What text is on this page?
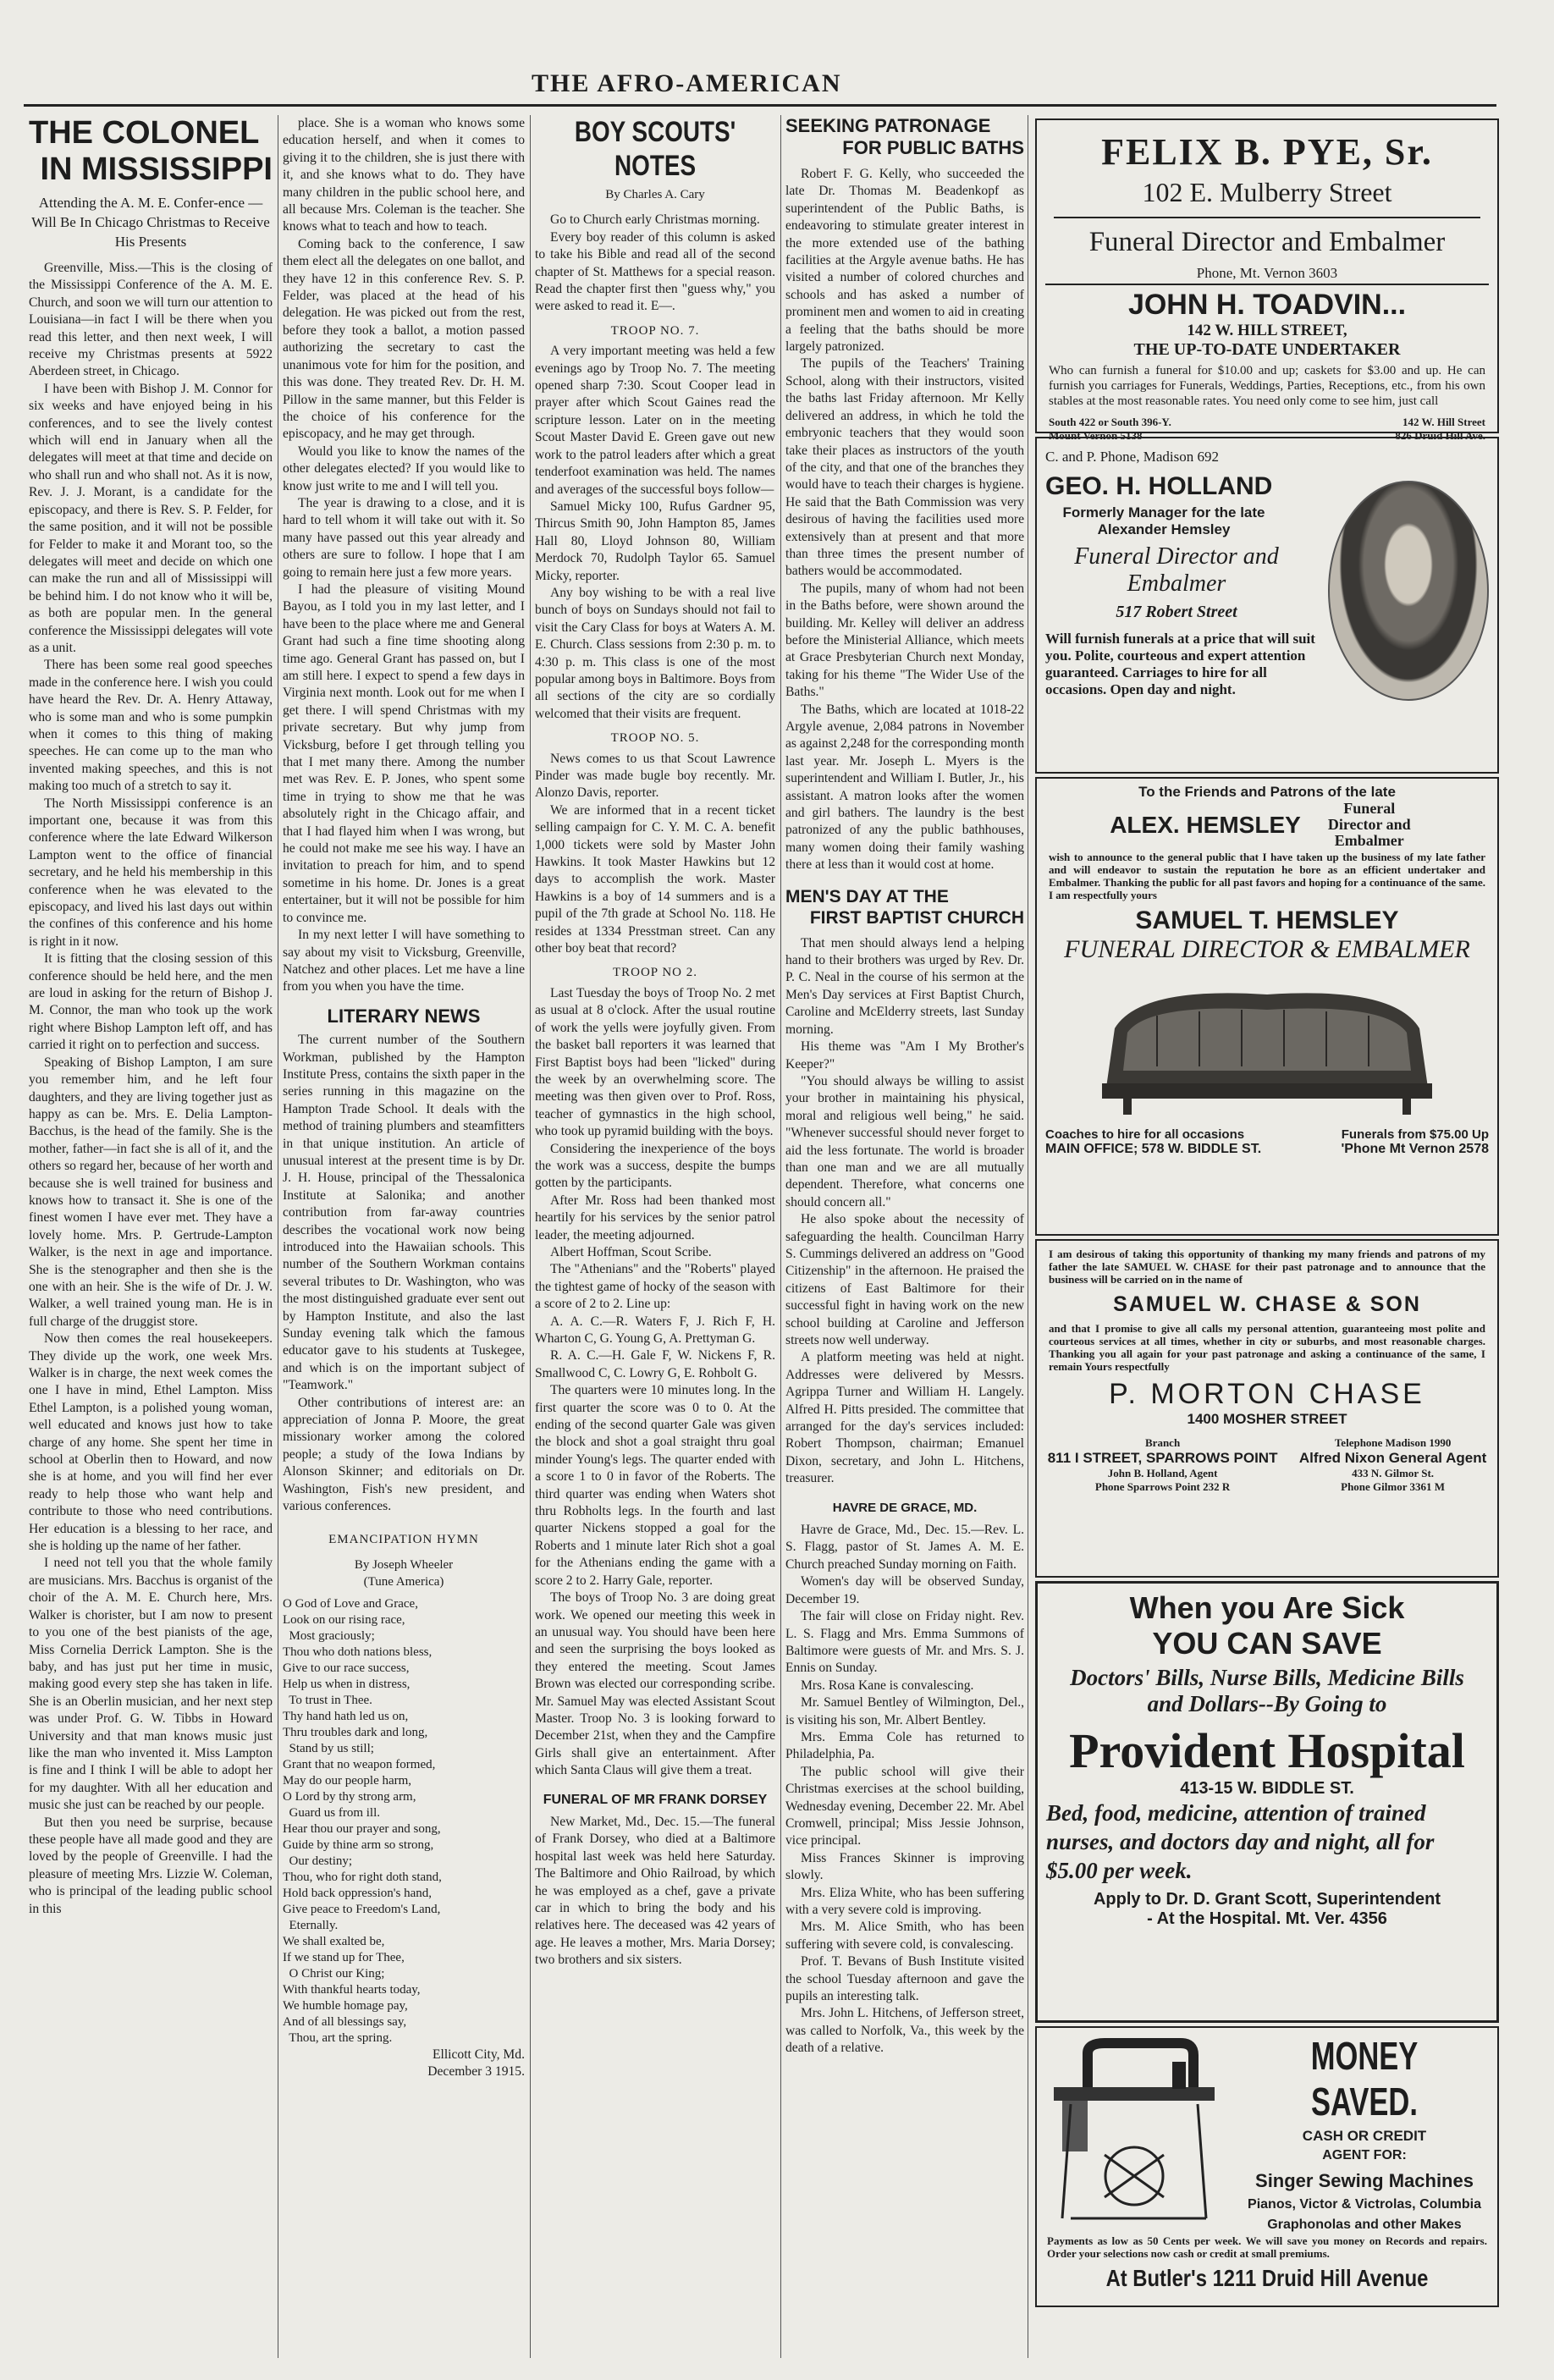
THE AFRO-AMERICAN
THE COLONEL
IN MISSISSIPPI
Attending the A. M. E. Confer-ence — Will Be In Chicago Christmas to Receive His Presents

Greenville, Miss.—This is the closing of the Mississippi Conference of the A. M. E. Church, and soon we will turn our attention to Louisiana—in fact I will be there when you read this letter, and then next week, I will receive my Christmas presents at 5922 Aberdeen street, in Chicago.

I have been with Bishop J. M. Connor for six weeks and have enjoyed being in his conferences, and to see the lively contest which will end in January when all the delegates will meet at that time and decide on who shall run and who shall not. As it is now, Rev. J. J. Morant, is a candidate for the episcopacy, and there is Rev. S. P. Felder, for the same position, and it will not be possible for Felder to make it and Morant too, so the delegates will meet and decide on which one can make the run and all of Mississippi will be behind him. I do not know who it will be, as both are popular men. In the general conference the Mississippi delegates will vote as a unit.

There has been some real good speeches made in the conference here. I wish you could have heard the Rev. Dr. A. Henry Attaway, who is some man and who is some pumpkin when it comes to this thing of making speeches. He can come up to the man who invented making speeches, and this is not making too much of a stretch to say it.

The North Mississippi conference is an important one, because it was from this conference where the late Edward Wilkerson Lampton went to the office of financial secretary, and he held his membership in this conference when he was elevated to the episcopacy, and lived his last days out within the confines of this conference and his home is right in it now.

It is fitting that the closing session of this conference should be held here, and the men are loud in asking for the return of Bishop J. M. Connor, the man who took up the work right where Bishop Lampton left off, and has carried it right on to perfection and success.

Speaking of Bishop Lampton, I am sure you remember him, and he left four daughters, and they are living together just as happy as can be. Mrs. E. Delia Lampton-Bacchus, is the head of the family. She is the mother, father—in fact she is all of it, and the others so regard her, because of her worth and because she is well trained for business and knows how to transact it. She is one of the finest women I have ever met. They have a lovely home. Mrs. P. Gertrude-Lampton Walker, is the next in age and importance. She is the stenographer and then she is the one with an heir. She is the wife of Dr. J. W. Walker, a well trained young man. He is in full charge of the druggist store.

Now then comes the real housekeepers. They divide up the work, one week Mrs. Walker is in charge, the next week comes the one I have in mind, Ethel Lampton. Miss Ethel Lampton, is a polished young woman, well educated and knows just how to take charge of any home. She spent her time in school at Oberlin then to Howard, and now she is at home, and you will find her ever ready to help those who want help and contribute to those who need contributions. Her education is a blessing to her race, and she is holding up the name of her father.

I need not tell you that the whole family are musicians. Mrs. Bacchus is organist of the choir of the A. M. E. Church here, Mrs. Walker is chorister, but I am now to present to you one of the best pianists of the age, Miss Cornelia Derrick Lampton. She is the baby, and has just put her time in music, making good every step she has taken in life. She is an Oberlin musician, and her next step was under Prof. G. W. Tibbs in Howard University and that man knows music just like the man who invented it. Miss Lampton is fine and I think I will be able to adopt her for my daughter. With all her education and music she just can be reached by our people.

But then you need be surprise, because these people have all made good and they are loved by the people of Greenville. I had the pleasure of meeting Mrs. Lizzie W. Coleman, who is principal of the leading public school in this

place. She is a woman who knows some education herself, and when it comes to giving it to the children, she is just there with it, and she knows what to do. They have many children in the public school here, and all because Mrs. Coleman is the teacher. She knows what to teach and how to teach.

Coming back to the conference, I saw them elect all the delegates on one ballot, and they have 12 in this conference Rev. S. P. Felder, was placed at the head of his delegation. He was picked out from the rest, before they took a ballot, a motion passed authorizing the secretary to cast the unanimous vote for him for the position, and this was done. They treated Rev. Dr. H. M. Pillow in the same manner, but this Felder is the choice of his conference for the episcopacy, and he may get through.

Would you like to know the names of the other delegates elected? If you would like to know just write to me and I will tell you.

The year is drawing to a close, and it is hard to tell whom it will take out with it. So many have passed out this year already and others are sure to follow. I hope that I am going to remain here just a few more years.

I had the pleasure of visiting Mound Bayou, as I told you in my last letter, and I have been to the place where me and General Grant had such a fine time shooting along time ago. General Grant has passed on, but I am still here. I expect to spend a few days in Virginia next month. Look out for me when I get there. I will spend Christmas with my private secretary. But why jump from Vicksburg, before I get through telling you that I met many there. Among the number met was Rev. E. P. Jones, who spent some time in trying to show me that he was absolutely right in the Chicago affair, and that I had flayed him when I was wrong, but he could not make me see his way. I have an invitation to preach for him, and to spend sometime in his home. Dr. Jones is a great entertainer, but it will not be possible for him to convince me.

In my next letter I will have something to say about my visit to Vicksburg, Greenville, Natchez and other places. Let me have a line from you when you have the time.

LITERARY NEWS

The current number of the Southern Workman, published by the Hampton Institute Press, contains the sixth paper in the series running in this magazine on the Hampton Trade School. It deals with the method of training plumbers and steamfitters in that unique institution. An article of unusual interest at the present time is by Dr. J. H. House, principal of the Thessalonica Institute at Salonika; and another contribution from far-away countries describes the vocational work now being introduced into the Hawaiian schools. This number of the Southern Workman contains several tributes to Dr. Washington, who was the most distinguished graduate ever sent out by Hampton Institute, and also the last Sunday evening talk which the famous educator gave to his students at Tuskegee, and which is on the important subject of "Teamwork."

Other contributions of interest are: an appreciation of Jonna P. Moore, the great missionary worker among the colored people; a study of the Iowa Indians by Alonson Skinner; and editorials on Dr. Washington, Fish's new president, and various conferences.

EMANCIPATION HYMN
By Joseph Wheeler
(Tune America)
O God of Love and Grace,
Look on our rising race,
Most graciously;
Thou who doth nations bless,
Give to our race success,
Help us when in distress,
To trust in Thee.
Thy hand hath led us on,
Thru troubles dark and long,
Stand by us still;
Grant that no weapon formed,
May do our people harm,
O Lord by thy strong arm,
Guard us from ill.
Hear thou our prayer and song,
Guide by thine arm so strong,
Our destiny;
Thou, who for right doth stand,
Hold back oppression's hand,
Give peace to Freedom's Land,
Eternally.
We shall exalted be,
If we stand up for Thee,
O Christ our King;
With thankful hearts today,
We humble homage pay,
And of all blessings say,
Thou, art the spring.
Ellicott City, Md.
December 3 1915.
BOY SCOUTS' NOTES
By Charles A. Cary

Go to Church early Christmas morning.

Every boy reader of this column is asked to take his Bible and read all of the second chapter of St. Matthews for a special reason. Read the chapter first then "guess why," you were asked to read it. E—.

TROOP NO. 7.

A very important meeting was held a few evenings ago by Troop No. 7. The meeting opened sharp 7:30. Scout Cooper lead in prayer after which Scout Gaines read the scripture lesson. Later on in the meeting Scout Master David E. Green gave out new work to the patrol leaders after which a great tenderfoot examination was held. The names and averages of the successful boys follow—

Samuel Micky 100, Rufus Gardner 95, Thircus Smith 90, John Hampton 85, James Hall 80, Lloyd Johnson 80, William Merdock 70, Rudolph Taylor 65. Samuel Micky, reporter.

Any boy wishing to be with a real live bunch of boys on Sundays should not fail to visit the Cary Class for boys at Waters A. M. E. Church. Class sessions from 2:30 p. m. to 4:30 p. m. This class is one of the most popular among boys in Baltimore. Boys from all sections of the city are so cordially welcomed that their visits are frequent.

TROOP NO. 5.

News comes to us that Scout Lawrence Pinder was made bugle boy recently. Mr. Alonzo Davis, reporter.

We are informed that in a recent ticket selling campaign for C. Y. M. C. A. benefit 1,000 tickets were sold by Master John Hawkins. It took Master Hawkins but 12 days to accomplish the work. Master Hawkins is a boy of 14 summers and is a pupil of the 7th grade at School No. 118. He resides at 1334 Presstman street. Can any other boy beat that record?

TROOP NO 2.

Last Tuesday the boys of Troop No. 2 met as usual at 8 o'clock. After the usual routine of work the yells were joyfully given. From the basket ball reporters it was learned that First Baptist boys had been "licked" during the week by an overwhelming score. The meeting was then given over to Prof. Ross, teacher of gymnastics in the high school, who took up pyramid building with the boys.

Considering the inexperience of the boys the work was a success, despite the bumps gotten by the participants.

After Mr. Ross had been thanked most heartily for his services by the senior patrol leader, the meeting adjourned.

Albert Hoffman, Scout Scribe.

The "Athenians" and the "Roberts" played the tightest game of hocky of the season with a score of 2 to 2. Line up:

A. A. C.—R. Waters F, J. Rich F, H. Wharton C, G. Young G, A. Prettyman G.

R. A. C.—H. Gale F, W. Nickens F, R. Smallwood C, C. Lowry G, E. Rohbolt G.

The quarters were 10 minutes long. In the first quarter the score was 0 to 0. At the ending of the second quarter Gale was given the block and shot a goal straight thru goal minder Young's legs. The quarter ended with a score 1 to 0 in favor of the Roberts. The third quarter was ending when Waters shot thru Robholts legs. In the fourth and last quarter Nickens stopped a goal for the Roberts and 1 minute later Rich shot a goal for the Athenians ending the game with a score 2 to 2. Harry Gale, reporter.

The boys of Troop No. 3 are doing great work. We opened our meeting this week in an unusual way. You should have been here and seen the surprising the boys looked as they entered the meeting. Scout James Brown was elected our corresponding scribe. Mr. Samuel May was elected Assistant Scout Master. Troop No. 3 is looking forward to December 21st, when they and the Campfire Girls shall give an entertainment. After which Santa Claus will give them a treat.

FUNERAL OF MR FRANK DORSEY

New Market, Md., Dec. 15.—The funeral of Frank Dorsey, who died at a Baltimore hospital last week was held here Saturday. The Baltimore and Ohio Railroad, by which he was employed as a chef, gave a private car in which to bring the body and his relatives here. The deceased was 42 years of age. He leaves a mother, Mrs. Maria Dorsey; two brothers and six sisters.

SEEKING PATRONAGE
FOR PUBLIC BATHS

Robert F. G. Kelly, who succeeded the late Dr. Thomas M. Beadenkopf as superintendent of the Public Baths, is endeavoring to stimulate greater interest in the more extended use of the bathing facilities at the Argyle avenue baths. He has visited a number of colored churches and schools and has asked a number of prominent men and women to aid in creating a feeling that the baths should be more largely patronized.

The pupils of the Teachers' Training School, along with their instructors, visited the baths last Friday afternoon. Mr Kelly delivered an address, in which he told the embryonic teachers that they would soon take their places as instructors of the youth of the city, and that one of the branches they would have to teach their charges is hygiene. He said that the Bath Commission was very desirous of having the facilities used more extensively than at present and that more than three times the present number of bathers would be accommodated.

The pupils, many of whom had not been in the Baths before, were shown around the building. Mr. Kelley will deliver an address before the Ministerial Alliance, which meets at Grace Presbyterian Church next Monday, taking for his theme "The Wider Use of the Baths."

The Baths, which are located at 1018-22 Argyle avenue, 2,084 patrons in November as against 2,248 for the corresponding month last year. Mr. Joseph L. Myers is the superintendent and William I. Butler, Jr., his assistant. A matron looks after the women and girl bathers. The laundry is the best patronized of any the public bathhouses, many women doing their family washing there at less than it would cost at home.

MEN'S DAY AT THE
FIRST BAPTIST CHURCH

That men should always lend a helping hand to their brothers was urged by Rev. Dr. P. C. Neal in the course of his sermon at the Men's Day services at First Baptist Church, Caroline and McElderry streets, last Sunday morning.

His theme was "Am I My Brother's Keeper?"

"You should always be willing to assist your brother in maintaining his physical, moral and religious well being," he said. "Whenever successful should never forget to aid the less fortunate. The world is broader than one man and we are all mutually dependent. Therefore, what concerns one should concern all."

He also spoke about the necessity of safeguarding the health. Councilman Harry S. Cummings delivered an address on "Good Citizenship" in the afternoon. He praised the citizens of East Baltimore for their successful fight in having work on the new school building at Caroline and Jefferson streets now well underway.

A platform meeting was held at night. Addresses were delivered by Messrs. Agrippa Turner and William H. Langely. Alfred H. Pitts presided. The committee that arranged for the day's services included: Robert Thompson, chairman; Emanuel Dixon, secretary, and John L. Hitchens, treasurer.

HAVRE DE GRACE, MD.

Havre de Grace, Md., Dec. 15.—Rev. L. S. Flagg, pastor of St. James A. M. E. Church preached Sunday morning on Faith.

Women's day will be observed Sunday, December 19.

The fair will close on Friday night. Rev. L. S. Flagg and Mrs. Emma Summons of Baltimore were guests of Mr. and Mrs. S. J. Ennis on Sunday.

Mrs. Rosa Kane is convalescing.

Mr. Samuel Bentley of Wilmington, Del., is visiting his son, Mr. Albert Bentley.

Mrs. Emma Cole has returned to Philadelphia, Pa.

The public school will give their Christmas exercises at the school building, Wednesday evening, December 22. Mr. Abel Cromwell, principal; Miss Jessie Johnson, vice principal.

Miss Frances Skinner is improving slowly.

Mrs. Eliza White, who has been suffering with a very severe cold is improving.

Mrs. M. Alice Smith, who has been suffering with severe cold, is convalescing.

Prof. T. Bevans of Bush Institute visited the school Tuesday afternoon and gave the pupils an interesting talk.

Mrs. John L. Hitchens, of Jefferson street, was called to Norfolk, Va., this week by the death of a relative.

FELIX B. PYE, Sr.
102 E. Mulberry Street
Funeral Director and Embalmer
Phone, Mt. Vernon 3603
JOHN H. TOADVIN...
142 W. HILL STREET,
THE UP-TO-DATE UNDERTAKER
Who can furnish a funeral for $10.00 and up; caskets for $3.00 and up. He can furnish you carriages for Funerals, Weddings, Parties, Receptions, etc., from his own stables at the most reasonable rates. You need only come to see him, just call
South 422 or South 396-Y.
Mount Vernon 5138
142 W. Hill Street
826 Druid Hill Ave.
C. and P. Phone, Madison 692
GEO. H. HOLLAND
Formerly Manager for the late Alexander Hemsley
Funeral Director and
Embalmer
517 Robert Street
Will furnish funerals at a price that will suit you. Polite, courteous and expert attention guaranteed. Carriages to hire for all occasions. Open day and night.
To the Friends and Patrons of the late
ALEX. HEMSLEY
Funeral Director and Embalmer
wish to announce to the general public that I have taken up the business of my late father and will endeavor to sustain the reputation he bore as an efficient undertaker and Embalmer. Thanking the public for all past favors and hoping for a continuance of the same. I am respectfully yours
SAMUEL T. HEMSLEY
FUNERAL DIRECTOR & EMBALMER
Coaches to hire for all occasions	Funerals from $75.00 Up
MAIN OFFICE; 578 W. BIDDLE ST.	'Phone Mt Vernon 2578
I am desirous of taking this opportunity of thanking my many friends and patrons of my father the late SAMUEL W. CHASE for their past patronage and to announce that the business will be carried on in the name of
SAMUEL W. CHASE & SON
and that I promise to give all calls my personal attention, guaranteeing most polite and courteous services at all times, whether in city or suburbs, and most reasonable charges. Thanking you all again for your past patronage and asking a continuance of the same, I remain Yours respectfully
P. MORTON CHASE
1400 MOSHER STREET
Branch
811 I STREET, SPARROWS POINT
John B. Holland, Agent
Phone Sparrows Point 232 R
Telephone Madison 1990
Alfred Nixon General Agent
433 N. Gilmor St.
Phone Gilmor 3361 M
When you Are Sick
YOU CAN SAVE
Doctors' Bills, Nurse Bills, Medicine Bills
and Dollars--By Going to
Provident Hospital
413-15 W. BIDDLE ST.
Bed, food, medicine, attention of trained nurses, and doctors day and night, all for $5.00 per week.
Apply to Dr. D. Grant Scott, Superintendent
- At the Hospital. Mt. Ver. 4356
MONEY SAVED.
CASH OR CREDIT
AGENT FOR:
Singer Sewing Machines
Pianos, Victor & Victrolas, Columbia
Graphonolas and other Makes
Payments as low as 50 Cents per week. We will save you money on Records and repairs. Order your selections now cash or credit at small premiums.
At Butler's 1211 Druid Hill Avenue
